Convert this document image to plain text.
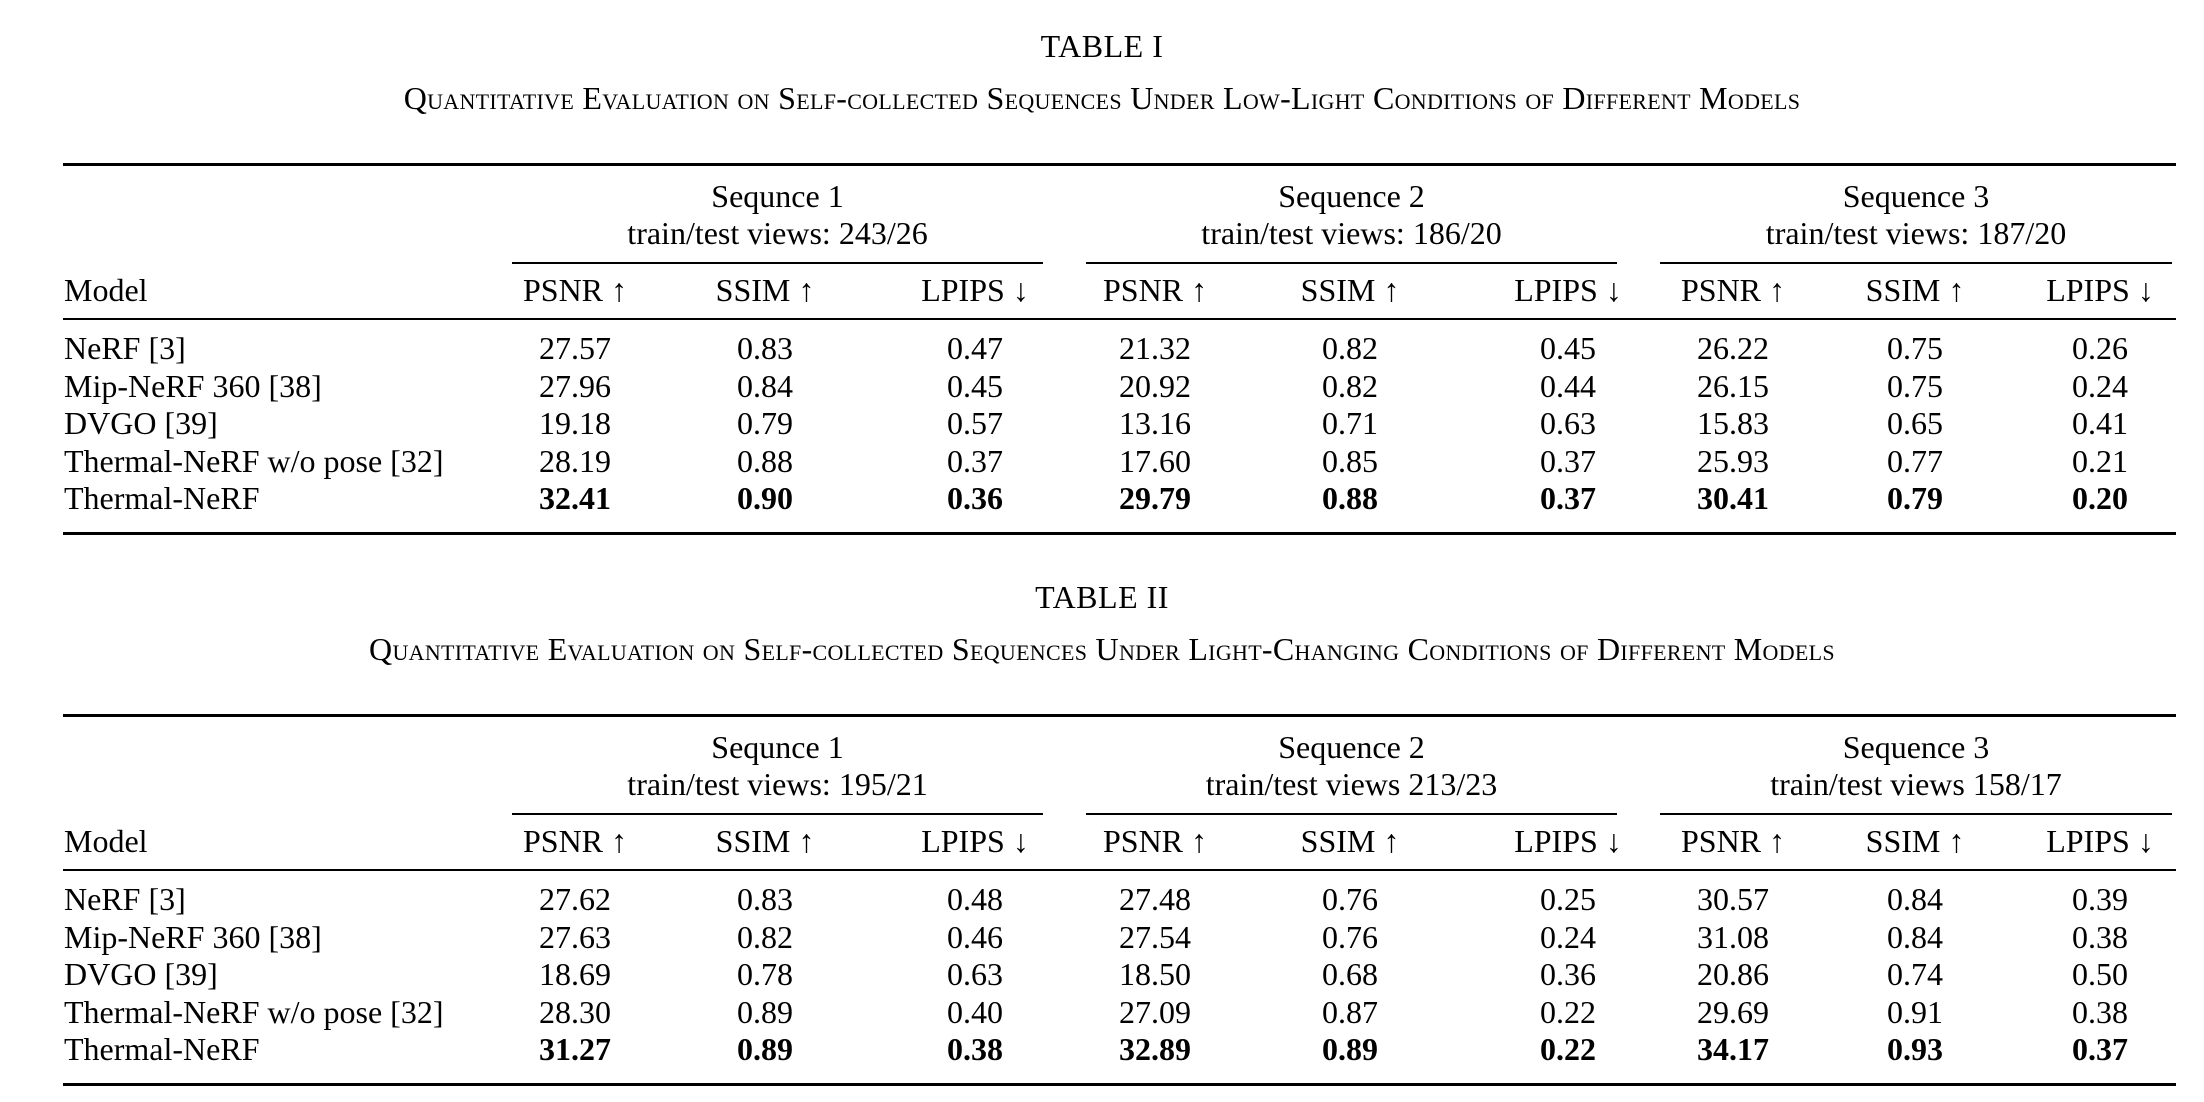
TABLE I
Quantitative Evaluation on Self-collected Sequences Under Low-Light Conditions of Different Models
Sequnce 1
train/test views: 243/26
Sequence 2
train/test views: 186/20
Sequence 3
train/test views: 187/20
Model	PSNR ↑	SSIM ↑	LPIPS ↓	PSNR ↑	SSIM ↑	LPIPS ↓	PSNR ↑	SSIM ↑	LPIPS ↓
NeRF [3]	27.57	0.83	0.47	21.32	0.82	0.45	26.22	0.75	0.26
Mip-NeRF 360 [38]	27.96	0.84	0.45	20.92	0.82	0.44	26.15	0.75	0.24
DVGO [39]	19.18	0.79	0.57	13.16	0.71	0.63	15.83	0.65	0.41
Thermal-NeRF w/o pose [32]	28.19	0.88	0.37	17.60	0.85	0.37	25.93	0.77	0.21
Thermal-NeRF	32.41	0.90	0.36	29.79	0.88	0.37	30.41	0.79	0.20
TABLE II
Quantitative Evaluation on Self-collected Sequences Under Light-Changing Conditions of Different Models
Sequnce 1
train/test views: 195/21
Sequence 2
train/test views 213/23
Sequence 3
train/test views 158/17
Model	PSNR ↑	SSIM ↑	LPIPS ↓	PSNR ↑	SSIM ↑	LPIPS ↓	PSNR ↑	SSIM ↑	LPIPS ↓
NeRF [3]	27.62	0.83	0.48	27.48	0.76	0.25	30.57	0.84	0.39
Mip-NeRF 360 [38]	27.63	0.82	0.46	27.54	0.76	0.24	31.08	0.84	0.38
DVGO [39]	18.69	0.78	0.63	18.50	0.68	0.36	20.86	0.74	0.50
Thermal-NeRF w/o pose [32]	28.30	0.89	0.40	27.09	0.87	0.22	29.69	0.91	0.38
Thermal-NeRF	31.27	0.89	0.38	32.89	0.89	0.22	34.17	0.93	0.37
